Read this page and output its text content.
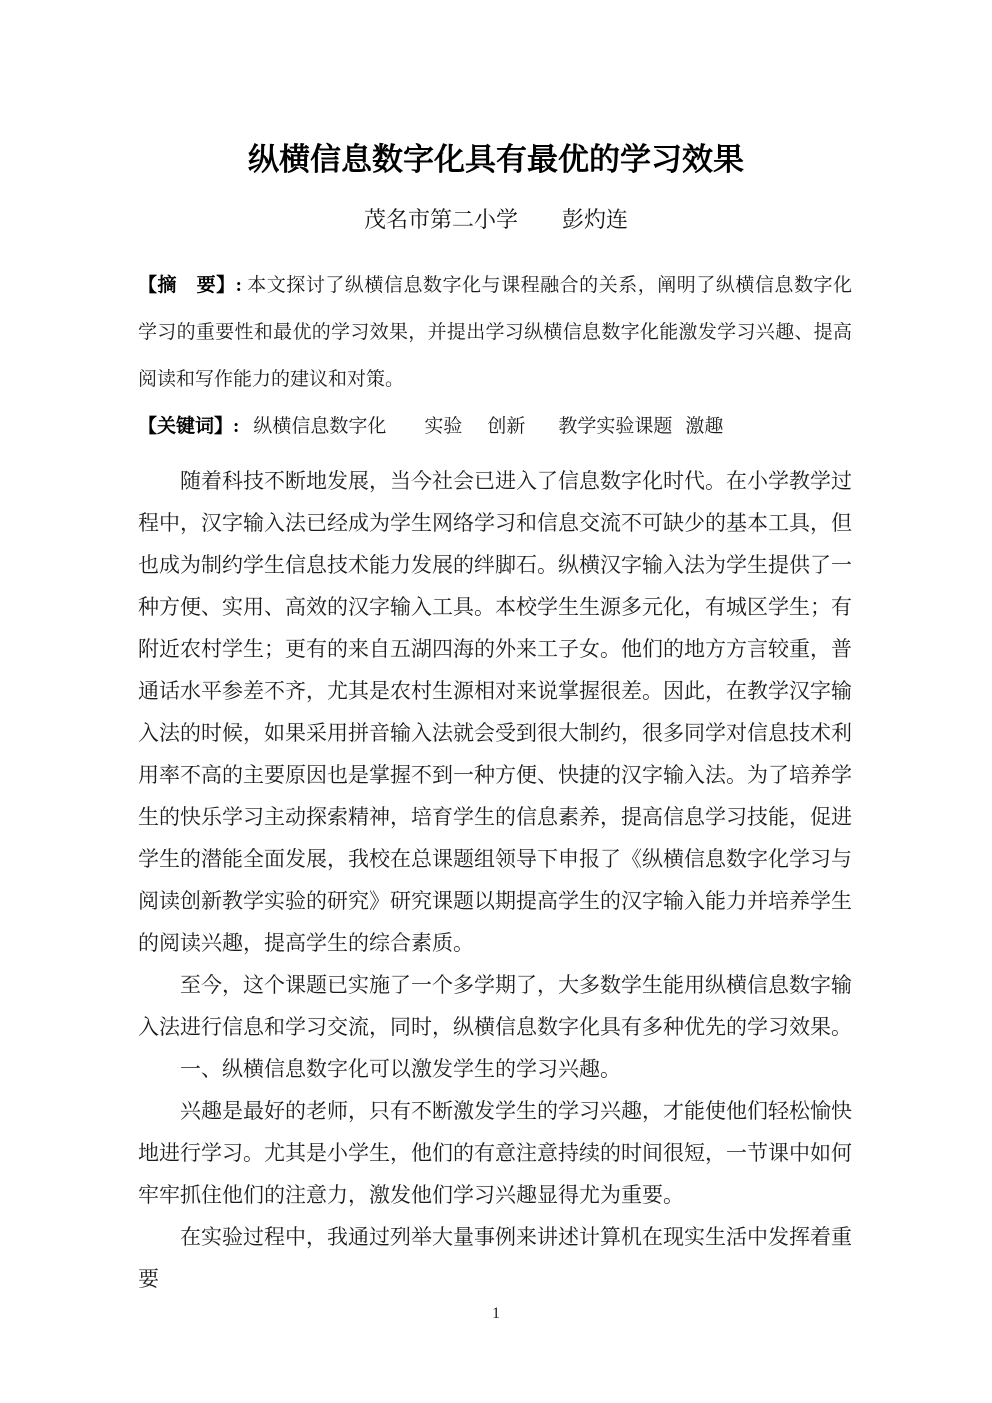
纵横信息数字化具有最优的学习效果
茂名市第二小学 彭灼连
【摘　要】: 本文探讨了纵横信息数字化与课程融合的关系，阐明了纵横信息数字化学习的重要性和最优的学习效果，并提出学习纵横信息数字化能激发学习兴趣、提高阅读和写作能力的建议和对策。
【关键词】: 纵横信息数字化 实验 创新 教学实验课题 激趣

随着科技不断地发展，当今社会已进入了信息数字化时代。在小学教学过程中，汉字输入法已经成为学生网络学习和信息交流不可缺少的基本工具，但也成为制约学生信息技术能力发展的绊脚石。纵横汉字输入法为学生提供了一种方便、实用、高效的汉字输入工具。本校学生生源多元化，有城区学生；有附近农村学生；更有的来自五湖四海的外来工子女。他们的地方方言较重，普通话水平参差不齐，尤其是农村生源相对来说掌握很差。因此，在教学汉字输入法的时候，如果采用拼音输入法就会受到很大制约，很多同学对信息技术利用率不高的主要原因也是掌握不到一种方便、快捷的汉字输入法。为了培养学生的快乐学习主动探索精神，培育学生的信息素养，提高信息学习技能，促进学生的潜能全面发展，我校在总课题组领导下申报了《纵横信息数字化学习与阅读创新教学实验的研究》研究课题以期提高学生的汉字输入能力并培养学生的阅读兴趣，提高学生的综合素质。

至今，这个课题已实施了一个多学期了，大多数学生能用纵横信息数字输入法进行信息和学习交流，同时，纵横信息数字化具有多种优先的学习效果。

一、纵横信息数字化可以激发学生的学习兴趣。

兴趣是最好的老师，只有不断激发学生的学习兴趣，才能使他们轻松愉快地进行学习。尤其是小学生，他们的有意注意持续的时间很短，一节课中如何牢牢抓住他们的注意力，激发他们学习兴趣显得尤为重要。

在实验过程中，我通过列举大量事例来讲述计算机在现实生活中发挥着重要

1
